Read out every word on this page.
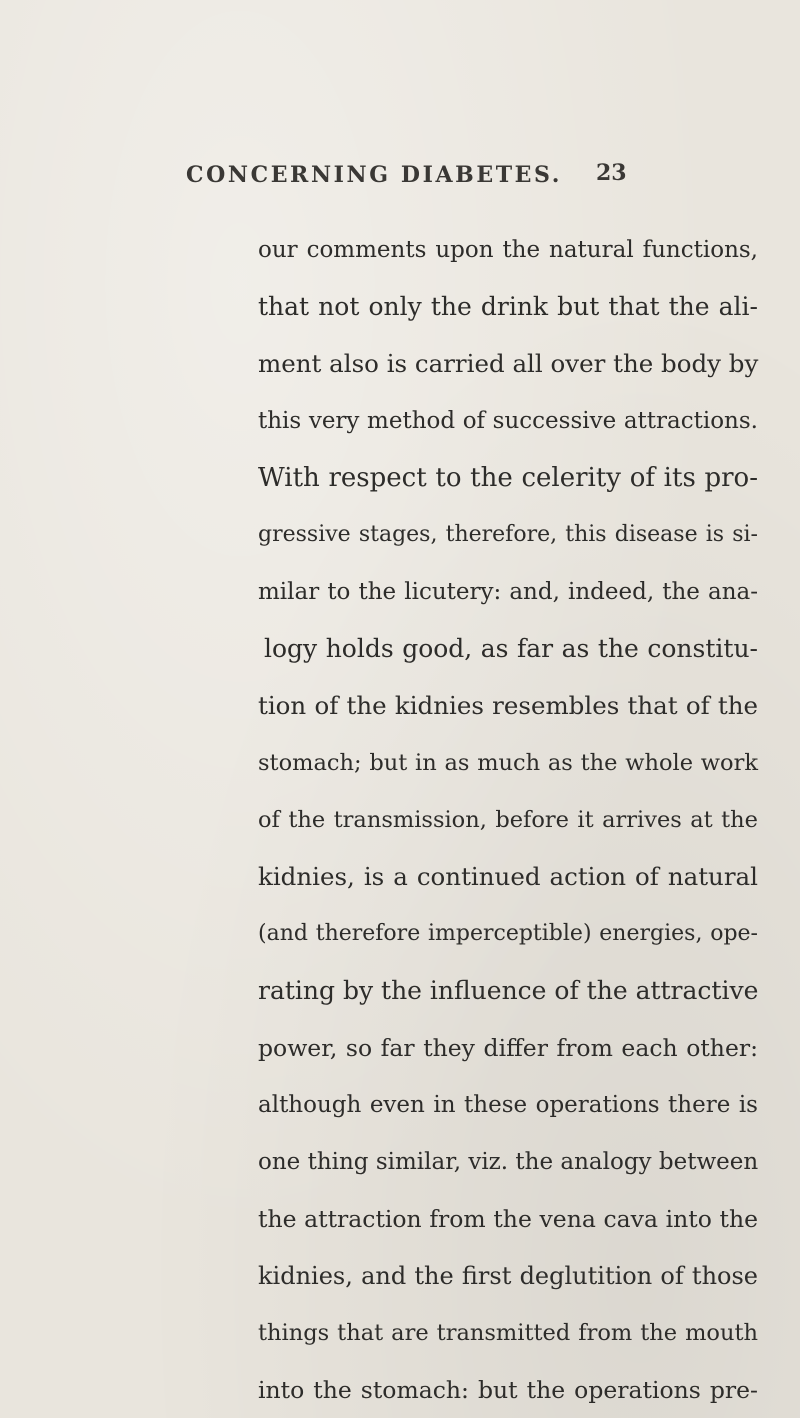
CONCERNING DIABETES. 23
our comments upon the natural functions,
that not only the drink but that the ali-
ment also is carried all over the body by
this very method of successive attractions.
With respect to the celerity of its pro-
gressive stages, therefore, this disease is si-
milar to the licutery: and, indeed, the ana-
logy holds good, as far as the constitu-
tion of the kidnies resembles that of the
stomach; but in as much as the whole work
of the transmission, before it arrives at the
kidnies, is a continued action of natural
(and therefore imperceptible) energies, ope-
rating by the influence of the attractive
power, so far they differ from each other:
although even in these operations there is
one thing similar, viz. the analogy between
the attraction from the vena cava into the
kidnies, and the first deglutition of those
things that are transmitted from the mouth
into the stomach: but the operations pre-
